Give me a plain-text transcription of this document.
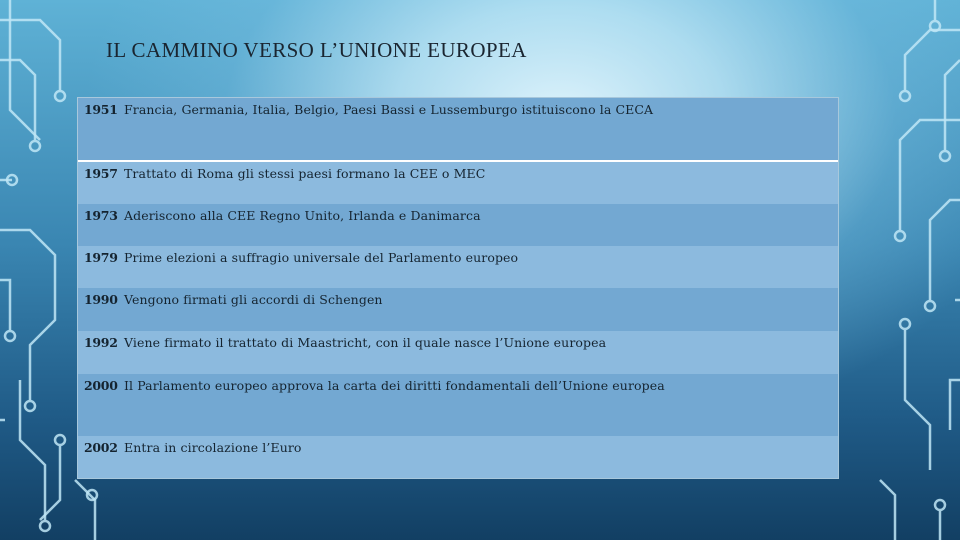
IL CAMMINO VERSO L’UNIONE EUROPEA
1951 Francia, Germania, Italia, Belgio, Paesi Bassi e Lussemburgo istituiscono la CECA
1957 Trattato di Roma gli stessi paesi formano la CEE o MEC
1973 Aderiscono alla CEE Regno Unito, Irlanda e Danimarca
1979 Prime elezioni a suffragio universale del Parlamento europeo
1990 Vengono firmati gli accordi di Schengen
1992 Viene firmato il trattato di Maastricht, con il quale nasce l’Unione europea
2000 Il Parlamento europeo approva la carta dei diritti fondamentali dell’Unione europea
2002 Entra in circolazione l’Euro
